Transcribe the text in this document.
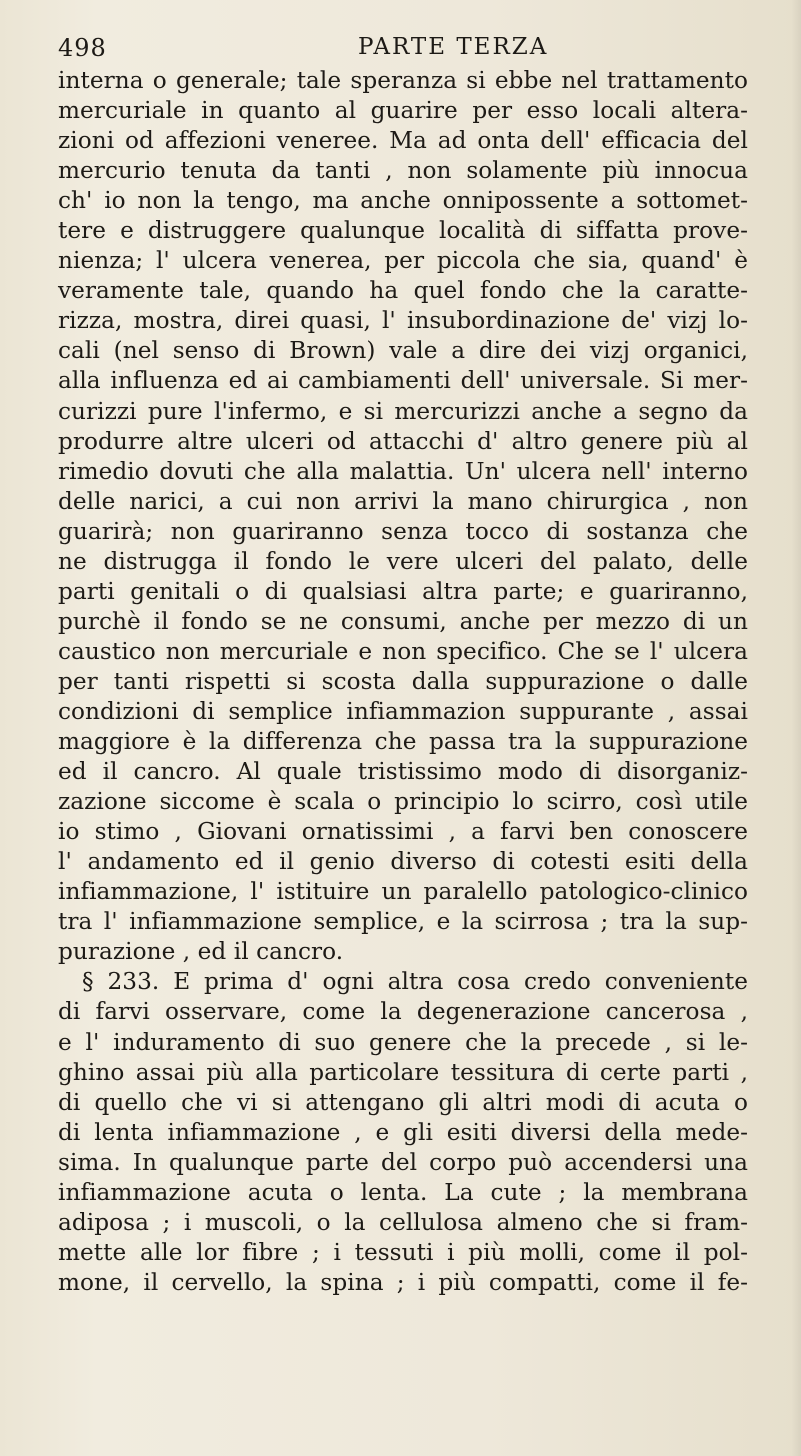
498	PARTE TERZA
interna o generale; tale speranza si ebbe nel trattamento
mercuriale in quanto al guarire per esso locali altera-
zioni od affezioni veneree. Ma ad onta dell' efficacia del
mercurio tenuta da tanti , non solamente più innocua
ch' io non la tengo, ma anche onnipossente a sottomet-
tere e distruggere qualunque località di siffatta prove-
nienza; l' ulcera venerea, per piccola che sia, quand' è
veramente tale, quando ha quel fondo che la caratte-
rizza, mostra, direi quasi, l' insubordinazione de' vizj lo-
cali (nel senso di Brown) vale a dire dei vizj organici,
alla influenza ed ai cambiamenti dell' universale. Si mer-
curizzi pure l'infermo, e si mercurizzi anche a segno da
produrre altre ulceri od attacchi d' altro genere più al
rimedio dovuti che alla malattia. Un' ulcera nell' interno
delle narici, a cui non arrivi la mano chirurgica , non
guarirà; non guariranno senza tocco di sostanza che
ne distrugga il fondo le vere ulceri del palato, delle
parti genitali o di qualsiasi altra parte; e guariranno,
purchè il fondo se ne consumi, anche per mezzo di un
caustico non mercuriale e non specifico. Che se l' ulcera
per tanti rispetti si scosta dalla suppurazione o dalle
condizioni di semplice infiammazion suppurante , assai
maggiore è la differenza che passa tra la suppurazione
ed il cancro. Al quale tristissimo modo di disorganiz-
zazione siccome è scala o principio lo scirro, così utile
io stimo , Giovani ornatissimi , a farvi ben conoscere
l' andamento ed il genio diverso di cotesti esiti della
infiammazione, l' istituire un paralello patologico-clinico
tra l' infiammazione semplice, e la scirrosa ; tra la sup-
purazione , ed il cancro.
§ 233. E prima d' ogni altra cosa credo conveniente
di farvi osservare, come la degenerazione cancerosa ,
e l' induramento di suo genere che la precede , si le-
ghino assai più alla particolare tessitura di certe parti ,
di quello che vi si attengano gli altri modi di acuta o
di lenta infiammazione , e gli esiti diversi della mede-
sima. In qualunque parte del corpo può accendersi una
infiammazione acuta o lenta. La cute ; la membrana
adiposa ; i muscoli, o la cellulosa almeno che si fram-
mette alle lor fibre ; i tessuti i più molli, come il pol-
mone, il cervello, la spina ; i più compatti, come il fe-
